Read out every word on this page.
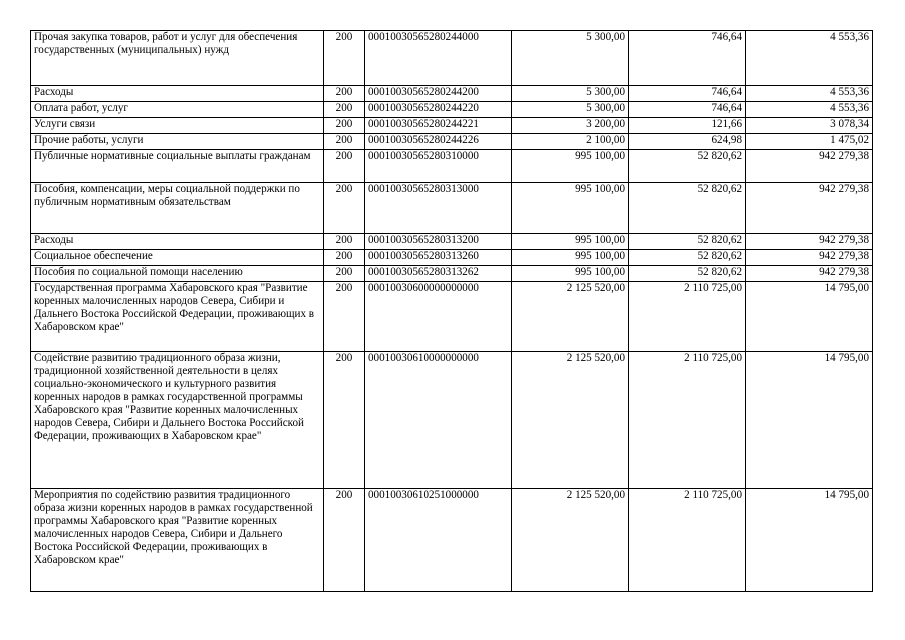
Прочая закупка товаров, работ и услуг для обеспечения государственных (муниципальных) нужд	200	00010030565280244000	5 300,00	746,64	4 553,36
Расходы	200	00010030565280244200	5 300,00	746,64	4 553,36
Оплата работ, услуг	200	00010030565280244220	5 300,00	746,64	4 553,36
Услуги связи	200	00010030565280244221	3 200,00	121,66	3 078,34
Прочие работы, услуги	200	00010030565280244226	2 100,00	624,98	1 475,02
Публичные нормативные социальные выплаты гражданам	200	00010030565280310000	995 100,00	52 820,62	942 279,38
Пособия, компенсации, меры социальной поддержки по публичным нормативным обязательствам	200	00010030565280313000	995 100,00	52 820,62	942 279,38
Расходы	200	00010030565280313200	995 100,00	52 820,62	942 279,38
Социальное обеспечение	200	00010030565280313260	995 100,00	52 820,62	942 279,38
Пособия по социальной помощи населению	200	00010030565280313262	995 100,00	52 820,62	942 279,38
Государственная программа Хабаровского края "Развитие коренных малочисленных народов Севера, Сибири и Дальнего Востока Российской Федерации, проживающих в Хабаровском крае"	200	00010030600000000000	2 125 520,00	2 110 725,00	14 795,00
Содействие развитию традиционного образа жизни, традиционной хозяйственной деятельности в целях социально-экономического и культурного развития коренных народов в рамках государственной программы Хабаровского края "Развитие коренных малочисленных народов Севера, Сибири и Дальнего Востока Российской Федерации, проживающих в Хабаровском крае"	200	00010030610000000000	2 125 520,00	2 110 725,00	14 795,00
Мероприятия по содействию развития традиционного образа жизни коренных народов в рамках государственной программы Хабаровского края "Развитие коренных малочисленных народов Севера, Сибири и Дальнего Востока Российской Федерации, проживающих в Хабаровском крае"	200	00010030610251000000	2 125 520,00	2 110 725,00	14 795,00
